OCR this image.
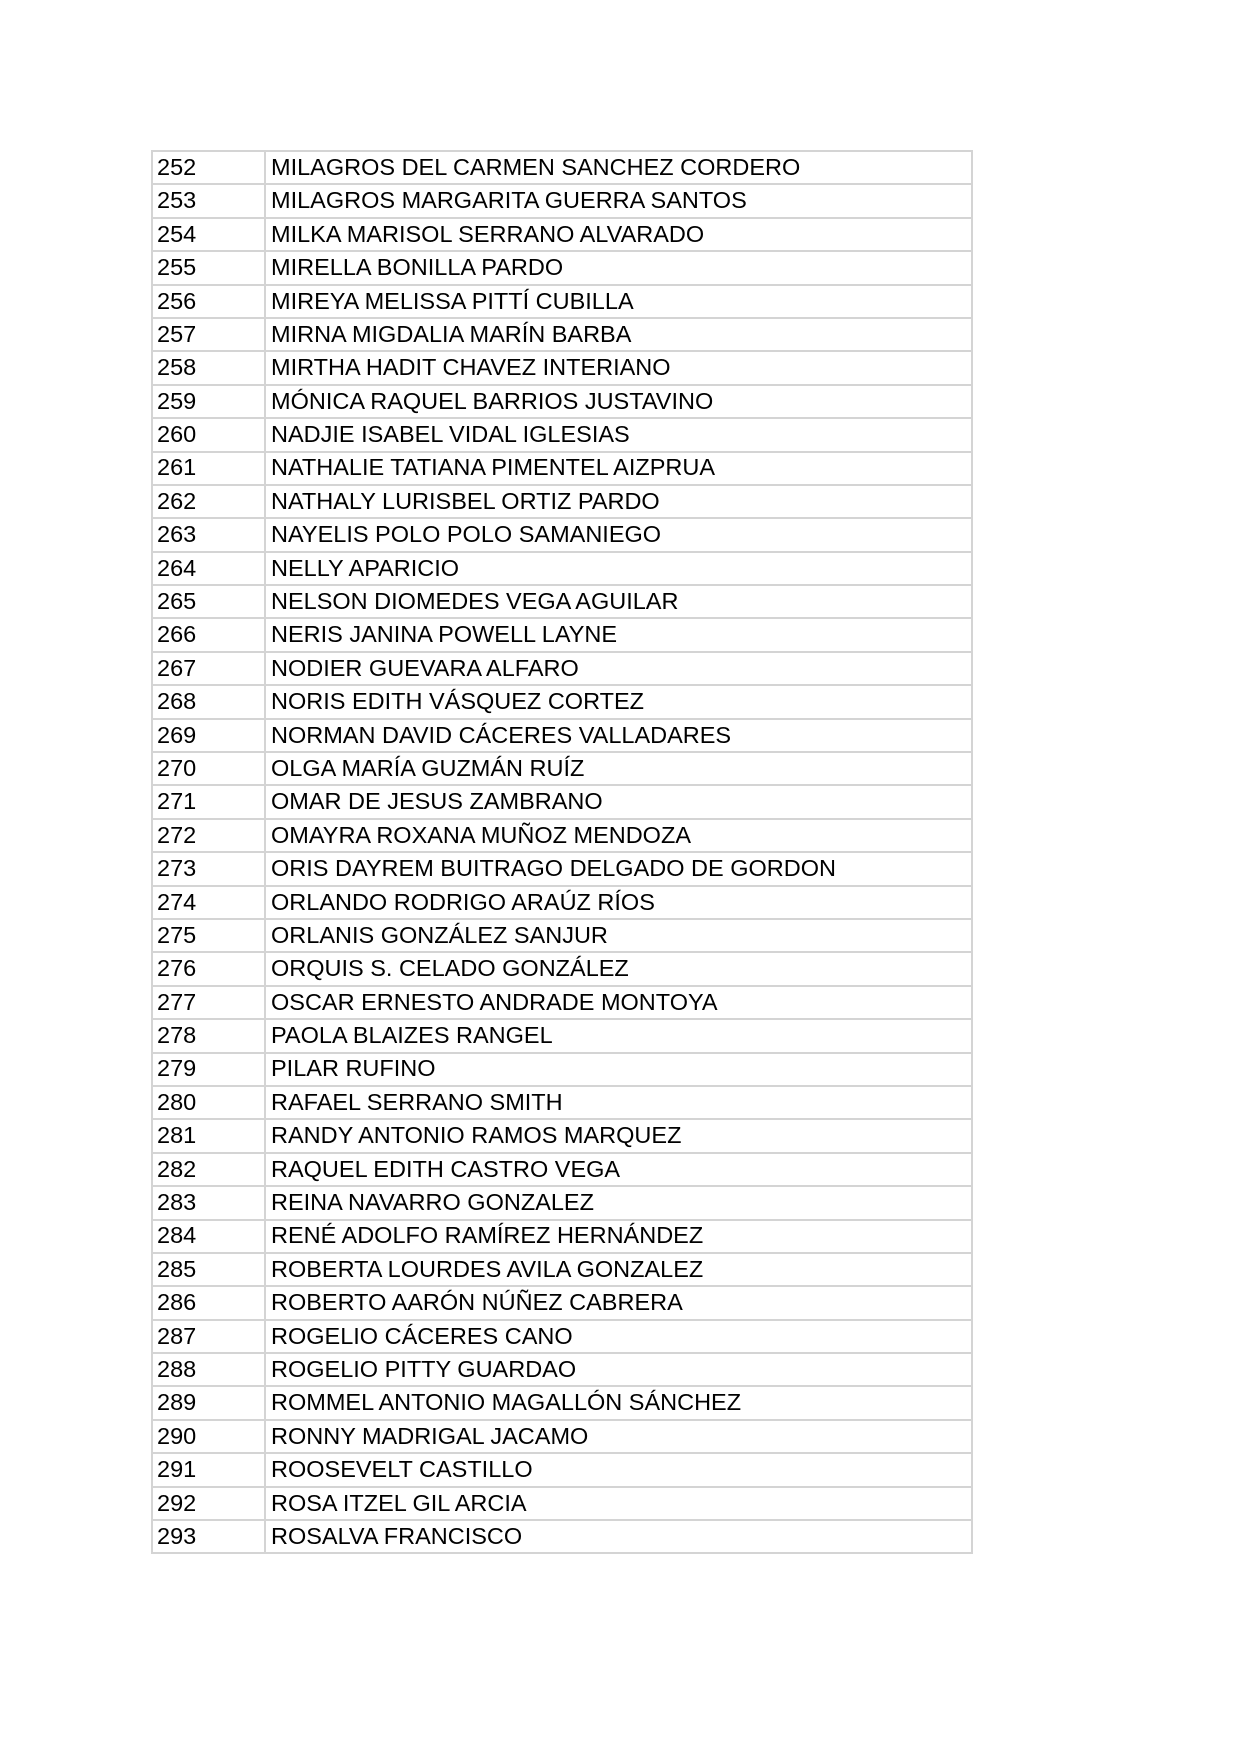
252	MILAGROS DEL CARMEN SANCHEZ CORDERO
253	MILAGROS MARGARITA GUERRA SANTOS
254	MILKA MARISOL SERRANO ALVARADO
255	MIRELLA BONILLA PARDO
256	MIREYA MELISSA PITTÍ CUBILLA
257	MIRNA MIGDALIA MARÍN BARBA
258	MIRTHA HADIT CHAVEZ INTERIANO
259	MÓNICA RAQUEL BARRIOS JUSTAVINO
260	NADJIE ISABEL VIDAL IGLESIAS
261	NATHALIE TATIANA PIMENTEL AIZPRUA
262	NATHALY LURISBEL ORTIZ PARDO
263	NAYELIS POLO POLO SAMANIEGO
264	NELLY APARICIO
265	NELSON DIOMEDES VEGA AGUILAR
266	NERIS JANINA POWELL LAYNE
267	NODIER GUEVARA ALFARO
268	NORIS EDITH VÁSQUEZ CORTEZ
269	NORMAN DAVID CÁCERES VALLADARES
270	OLGA MARÍA GUZMÁN RUÍZ
271	OMAR DE JESUS ZAMBRANO
272	OMAYRA ROXANA MUÑOZ MENDOZA
273	ORIS DAYREM BUITRAGO DELGADO DE GORDON
274	ORLANDO RODRIGO ARAÚZ RÍOS
275	ORLANIS GONZÁLEZ SANJUR
276	ORQUIS S. CELADO GONZÁLEZ
277	OSCAR ERNESTO ANDRADE MONTOYA
278	PAOLA BLAIZES RANGEL
279	PILAR RUFINO
280	RAFAEL SERRANO SMITH
281	RANDY ANTONIO RAMOS MARQUEZ
282	RAQUEL EDITH CASTRO VEGA
283	REINA NAVARRO GONZALEZ
284	RENÉ ADOLFO RAMÍREZ HERNÁNDEZ
285	ROBERTA LOURDES AVILA GONZALEZ
286	ROBERTO AARÓN NÚÑEZ CABRERA
287	ROGELIO CÁCERES CANO
288	ROGELIO PITTY GUARDAO
289	ROMMEL ANTONIO MAGALLÓN SÁNCHEZ
290	RONNY MADRIGAL JACAMO
291	ROOSEVELT CASTILLO
292	ROSA ITZEL GIL ARCIA
293	ROSALVA FRANCISCO
